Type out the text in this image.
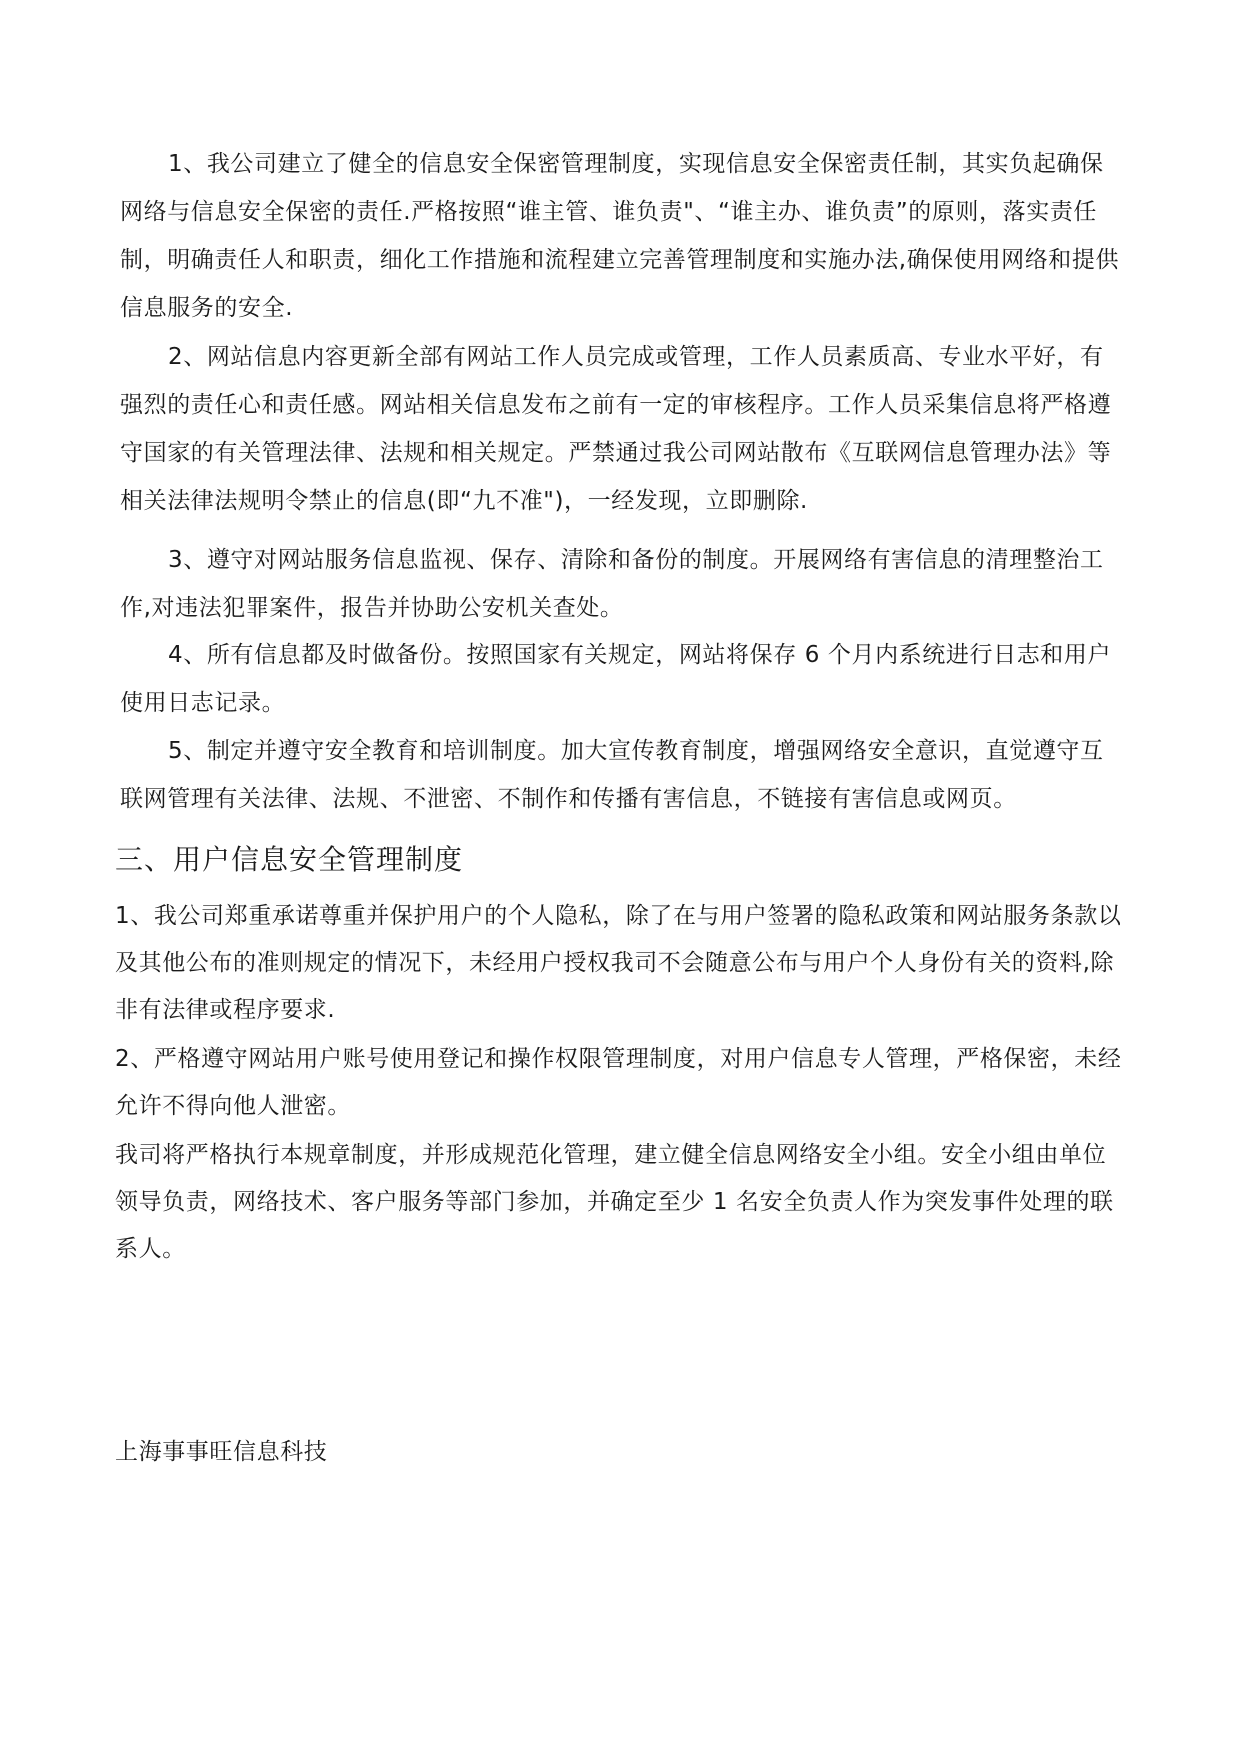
1、我公司建立了健全的信息安全保密管理制度，实现信息安全保密责任制，其实负起确保网络与信息安全保密的责任.严格按照“谁主管、谁负责"、“谁主办、谁负责”的原则，落实责任制，明确责任人和职责，细化工作措施和流程建立完善管理制度和实施办法,确保使用网络和提供信息服务的安全.

2、网站信息内容更新全部有网站工作人员完成或管理，工作人员素质高、专业水平好，有强烈的责任心和责任感。网站相关信息发布之前有一定的审核程序。工作人员采集信息将严格遵守国家的有关管理法律、法规和相关规定。严禁通过我公司网站散布《互联网信息管理办法》等相关法律法规明令禁止的信息(即“九不准")，一经发现，立即删除.

3、遵守对网站服务信息监视、保存、清除和备份的制度。开展网络有害信息的清理整治工作,对违法犯罪案件，报告并协助公安机关查处。

4、所有信息都及时做备份。按照国家有关规定，网站将保存 6 个月内系统进行日志和用户使用日志记录。

5、制定并遵守安全教育和培训制度。加大宣传教育制度，增强网络安全意识，直觉遵守互联网管理有关法律、法规、不泄密、不制作和传播有害信息，不链接有害信息或网页。

三、用户信息安全管理制度

1、我公司郑重承诺尊重并保护用户的个人隐私，除了在与用户签署的隐私政策和网站服务条款以及其他公布的准则规定的情况下，未经用户授权我司不会随意公布与用户个人身份有关的资料,除非有法律或程序要求.

2、严格遵守网站用户账号使用登记和操作权限管理制度，对用户信息专人管理，严格保密，未经允许不得向他人泄密。

我司将严格执行本规章制度，并形成规范化管理，建立健全信息网络安全小组。安全小组由单位领导负责，网络技术、客户服务等部门参加，并确定至少 1 名安全负责人作为突发事件处理的联系人。

上海事事旺信息科技
